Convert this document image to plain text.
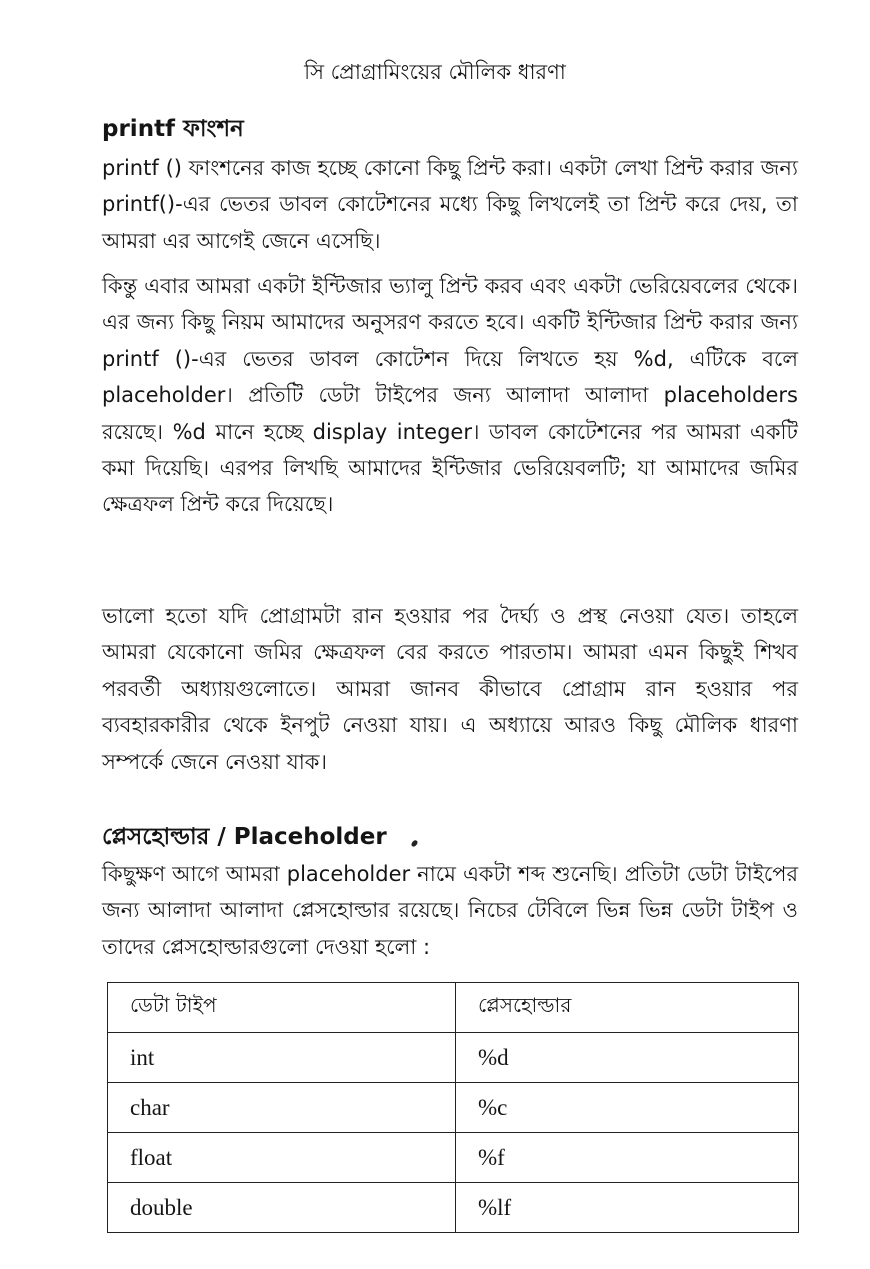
সি প্রোগ্রামিংয়ের মৌলিক ধারণা
printf ফাংশন

printf () ফাংশনের কাজ হচ্ছে কোনো কিছু প্রিন্ট করা। একটা লেখা প্রিন্ট করার জন্য printf()-এর ভেতর ডাবল কোটেশনের মধ্যে কিছু লিখলেই তা প্রিন্ট করে দেয়, তা আমরা এর আগেই জেনে এসেছি।

কিন্তু এবার আমরা একটা ইন্টিজার ভ্যালু প্রিন্ট করব এবং একটা ভেরিয়েবলের থেকে। এর জন্য কিছু নিয়ম আমাদের অনুসরণ করতে হবে। একটি ইন্টিজার প্রিন্ট করার জন্য printf ()-এর ভেতর ডাবল কোটেশন দিয়ে লিখতে হয় %d, এটিকে বলে placeholder। প্রতিটি ডেটা টাইপের জন্য আলাদা আলাদা placeholders রয়েছে। %d মানে হচ্ছে display integer। ডাবল কোটেশনের পর আমরা একটি কমা দিয়েছি। এরপর লিখছি আমাদের ইন্টিজার ভেরিয়েবলটি; যা আমাদের জমির ক্ষেত্রফল প্রিন্ট করে দিয়েছে।

ভালো হতো যদি প্রোগ্রামটা রান হওয়ার পর দৈর্ঘ্য ও প্রস্থ নেওয়া যেত। তাহলে আমরা যেকোনো জমির ক্ষেত্রফল বের করতে পারতাম। আমরা এমন কিছুই শিখব পরবর্তী অধ্যায়গুলোতে। আমরা জানব কীভাবে প্রোগ্রাম রান হওয়ার পর ব্যবহারকারীর থেকে ইনপুট নেওয়া যায়। এ অধ্যায়ে আরও কিছু মৌলিক ধারণা সম্পর্কে জেনে নেওয়া যাক।

প্লেসহোল্ডার / Placeholder

কিছুক্ষণ আগে আমরা placeholder নামে একটা শব্দ শুনেছি। প্রতিটা ডেটা টাইপের জন্য আলাদা আলাদা প্লেসহোল্ডার রয়েছে। নিচের টেবিলে ভিন্ন ভিন্ন ডেটা টাইপ ও তাদের প্লেসহোল্ডারগুলো দেওয়া হলো :

ডেটা টাইপ	প্লেসহোল্ডার
int	%d
char	%c
float	%f
double	%lf
